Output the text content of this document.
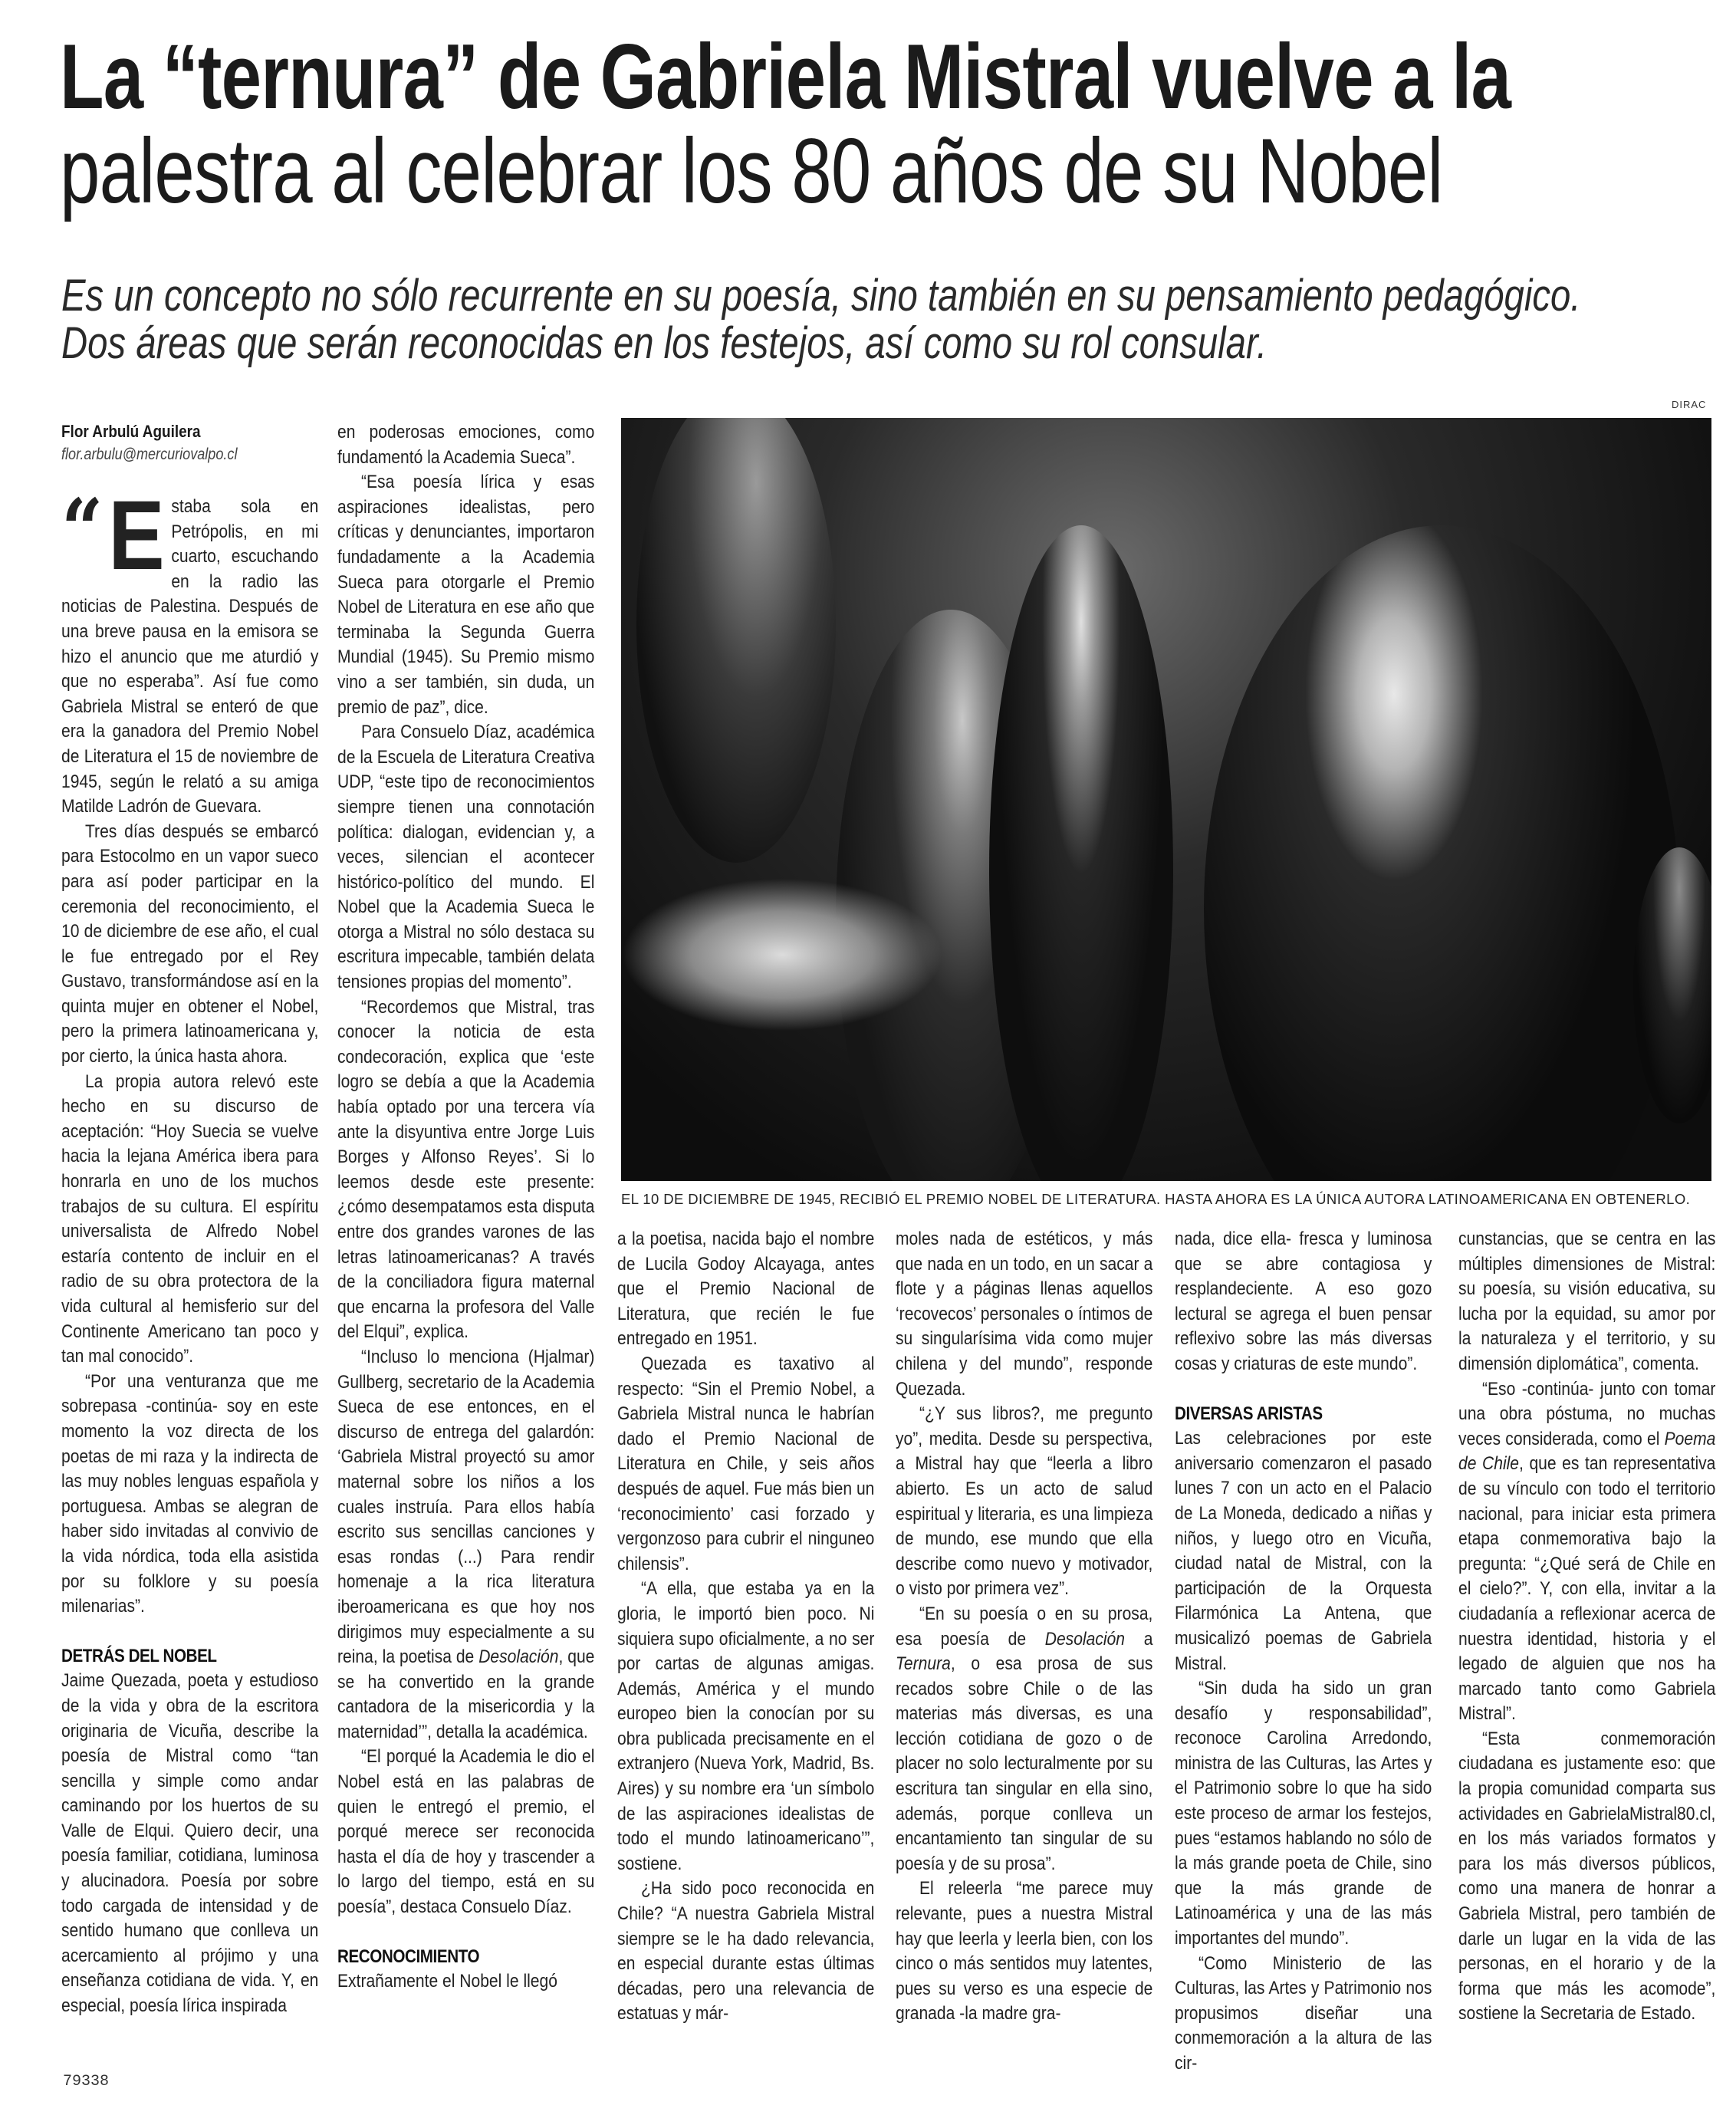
La “ternura” de Gabriela Mistral vuelve a la
palestra al celebrar los 80 años de su Nobel
Es un concepto no sólo recurrente en su poesía, sino también en su pensamiento pedagógico.
Dos áreas que serán reconocidas en los festejos, así como su rol consular.
Flor Arbulú Aguilera
flor.arbulu@mercuriovalpo.cl

“ E staba sola en Petrópolis, en mi cuarto, escuchando en la radio las noticias de Palestina. Después de una breve pausa en la emisora se hizo el anuncio que me aturdió y que no esperaba”. Así fue como Gabriela Mistral se enteró de que era la ganadora del Premio Nobel de Literatura el 15 de noviembre de 1945, según le relató a su amiga Matilde Ladrón de Guevara.

Tres días después se embarcó para Estocolmo en un vapor sueco para así poder participar en la ceremonia del reconocimiento, el 10 de diciembre de ese año, el cual le fue entregado por el Rey Gustavo, transformándose así en la quinta mujer en obtener el Nobel, pero la primera latinoamericana y, por cierto, la única hasta ahora.

La propia autora relevó este hecho en su discurso de aceptación: “Hoy Suecia se vuelve hacia la lejana América ibera para honrarla en uno de los muchos trabajos de su cultura. El espíritu universalista de Alfredo Nobel estaría contento de incluir en el radio de su obra protectora de la vida cultural al hemisferio sur del Continente Americano tan poco y tan mal conocido”.

“Por una venturanza que me sobrepasa -continúa- soy en este momento la voz directa de los poetas de mi raza y la indirecta de las muy nobles lenguas española y portuguesa. Ambas se alegran de haber sido invitadas al convivio de la vida nórdica, toda ella asistida por su folklore y su poesía milenarias”.

DETRÁS DEL NOBEL

Jaime Quezada, poeta y estudioso de la vida y obra de la escritora originaria de Vicuña, describe la poesía de Mistral como “tan sencilla y simple como andar caminando por los huertos de su Valle de Elqui. Quiero decir, una poesía familiar, cotidiana, luminosa y alucinadora. Poesía por sobre todo cargada de intensidad y de sentido humano que conlleva un acercamiento al prójimo y una enseñanza cotidiana de vida. Y, en especial, poesía lírica inspirada

en poderosas emociones, como fundamentó la Academia Sueca”.

“Esa poesía lírica y esas aspiraciones idealistas, pero críticas y denunciantes, importaron fundadamente a la Academia Sueca para otorgarle el Premio Nobel de Literatura en ese año que terminaba la Segunda Guerra Mundial (1945). Su Premio mismo vino a ser también, sin duda, un premio de paz”, dice.

Para Consuelo Díaz, académica de la Escuela de Literatura Creativa UDP, “este tipo de reconocimientos siempre tienen una connotación política: dialogan, evidencian y, a veces, silencian el acontecer histórico-político del mundo. El Nobel que la Academia Sueca le otorga a Mistral no sólo destaca su escritura impecable, también delata tensiones propias del momento”.

“Recordemos que Mistral, tras conocer la noticia de esta condecoración, explica que ‘este logro se debía a que la Academia había optado por una tercera vía ante la disyuntiva entre Jorge Luis Borges y Alfonso Reyes’. Si lo leemos desde este presente: ¿cómo desempatamos esta disputa entre dos grandes varones de las letras latinoamericanas? A través de la conciliadora figura maternal que encarna la profesora del Valle del Elqui”, explica.

“Incluso lo menciona (Hjalmar) Gullberg, secretario de la Academia Sueca de ese entonces, en el discurso de entrega del galardón: ‘Gabriela Mistral proyectó su amor maternal sobre los niños a los cuales instruía. Para ellos había escrito sus sencillas canciones y esas rondas (...) Para rendir homenaje a la rica literatura iberoamericana es que hoy nos dirigimos muy especialmente a su reina, la poetisa de Desolación, que se ha convertido en la grande cantadora de la misericordia y la maternidad’”, detalla la académica.

“El porqué la Academia le dio el Nobel está en las palabras de quien le entregó el premio, el porqué merece ser reconocida hasta el día de hoy y trascender a lo largo del tiempo, está en su poesía”, destaca Consuelo Díaz.

RECONOCIMIENTO

Extrañamente el Nobel le llegó

a la poetisa, nacida bajo el nombre de Lucila Godoy Alcayaga, antes que el Premio Nacional de Literatura, que recién le fue entregado en 1951.

Quezada es taxativo al respecto: “Sin el Premio Nobel, a Gabriela Mistral nunca le habrían dado el Premio Nacional de Literatura en Chile, y seis años después de aquel. Fue más bien un ‘reconocimiento’ casi forzado y vergonzoso para cubrir el ninguneo chilensis”.

“A ella, que estaba ya en la gloria, le importó bien poco. Ni siquiera supo oficialmente, a no ser por cartas de algunas amigas. Además, América y el mundo europeo bien la conocían por su obra publicada precisamente en el extranjero (Nueva York, Madrid, Bs. Aires) y su nombre era ‘un símbolo de las aspiraciones idealistas de todo el mundo latinoamericano’”, sostiene.

¿Ha sido poco reconocida en Chile? “A nuestra Gabriela Mistral siempre se le ha dado relevancia, en especial durante estas últimas décadas, pero una relevancia de estatuas y már-

moles nada de estéticos, y más que nada en un todo, en un sacar a flote y a páginas llenas aquellos ‘recovecos’ personales o íntimos de su singularísima vida como mujer chilena y del mundo”, responde Quezada.

“¿Y sus libros?, me pregunto yo”, medita. Desde su perspectiva, a Mistral hay que “leerla a libro abierto. Es un acto de salud espiritual y literaria, es una limpieza de mundo, ese mundo que ella describe como nuevo y motivador, o visto por primera vez”.

“En su poesía o en su prosa, esa poesía de Desolación a Ternura, o esa prosa de sus recados sobre Chile o de las materias más diversas, es una lección cotidiana de gozo o de placer no solo lecturalmente por su escritura tan singular en ella sino, además, porque conlleva un encantamiento tan singular de su poesía y de su prosa”.

El releerla “me parece muy relevante, pues a nuestra Mistral hay que leerla y leerla bien, con los cinco o más sentidos muy latentes, pues su verso es una especie de granada -la madre gra-

nada, dice ella- fresca y luminosa que se abre contagiosa y resplandeciente. A eso gozo lectural se agrega el buen pensar reflexivo sobre las más diversas cosas y criaturas de este mundo”.

DIVERSAS ARISTAS

Las celebraciones por este aniversario comenzaron el pasado lunes 7 con un acto en el Palacio de La Moneda, dedicado a niñas y niños, y luego otro en Vicuña, ciudad natal de Mistral, con la participación de la Orquesta Filarmónica La Antena, que musicalizó poemas de Gabriela Mistral.

“Sin duda ha sido un gran desafío y responsabilidad”, reconoce Carolina Arredondo, ministra de las Culturas, las Artes y el Patrimonio sobre lo que ha sido este proceso de armar los festejos, pues “estamos hablando no sólo de la más grande poeta de Chile, sino que la más grande de Latinoamérica y una de las más importantes del mundo”.

“Como Ministerio de las Culturas, las Artes y Patrimonio nos propusimos diseñar una conmemoración a la altura de las cir-

cunstancias, que se centra en las múltiples dimensiones de Mistral: su poesía, su visión educativa, su lucha por la equidad, su amor por la naturaleza y el territorio, y su dimensión diplomática”, comenta.

“Eso -continúa- junto con tomar una obra póstuma, no muchas veces considerada, como el Poema de Chile, que es tan representativa de su vínculo con todo el territorio nacional, para iniciar esta primera etapa conmemorativa bajo la pregunta: “¿Qué será de Chile en el cielo?”. Y, con ella, invitar a la ciudadanía a reflexionar acerca de nuestra identidad, historia y el legado de alguien que nos ha marcado tanto como Gabriela Mistral”.

“Esta conmemoración ciudadana es justamente eso: que la propia comunidad comparta sus actividades en GabrielaMistral80.cl, en los más variados formatos y para los más diversos públicos, como una manera de honrar a Gabriela Mistral, pero también de darle un lugar en la vida de las personas, en el horario y de la forma que más les acomode”, sostiene la Secretaria de Estado.

DIRAC
EL 10 DE DICIEMBRE DE 1945, RECIBIÓ EL PREMIO NOBEL DE LITERATURA. HASTA AHORA ES LA ÚNICA AUTORA LATINOAMERICANA EN OBTENERLO.
79338
